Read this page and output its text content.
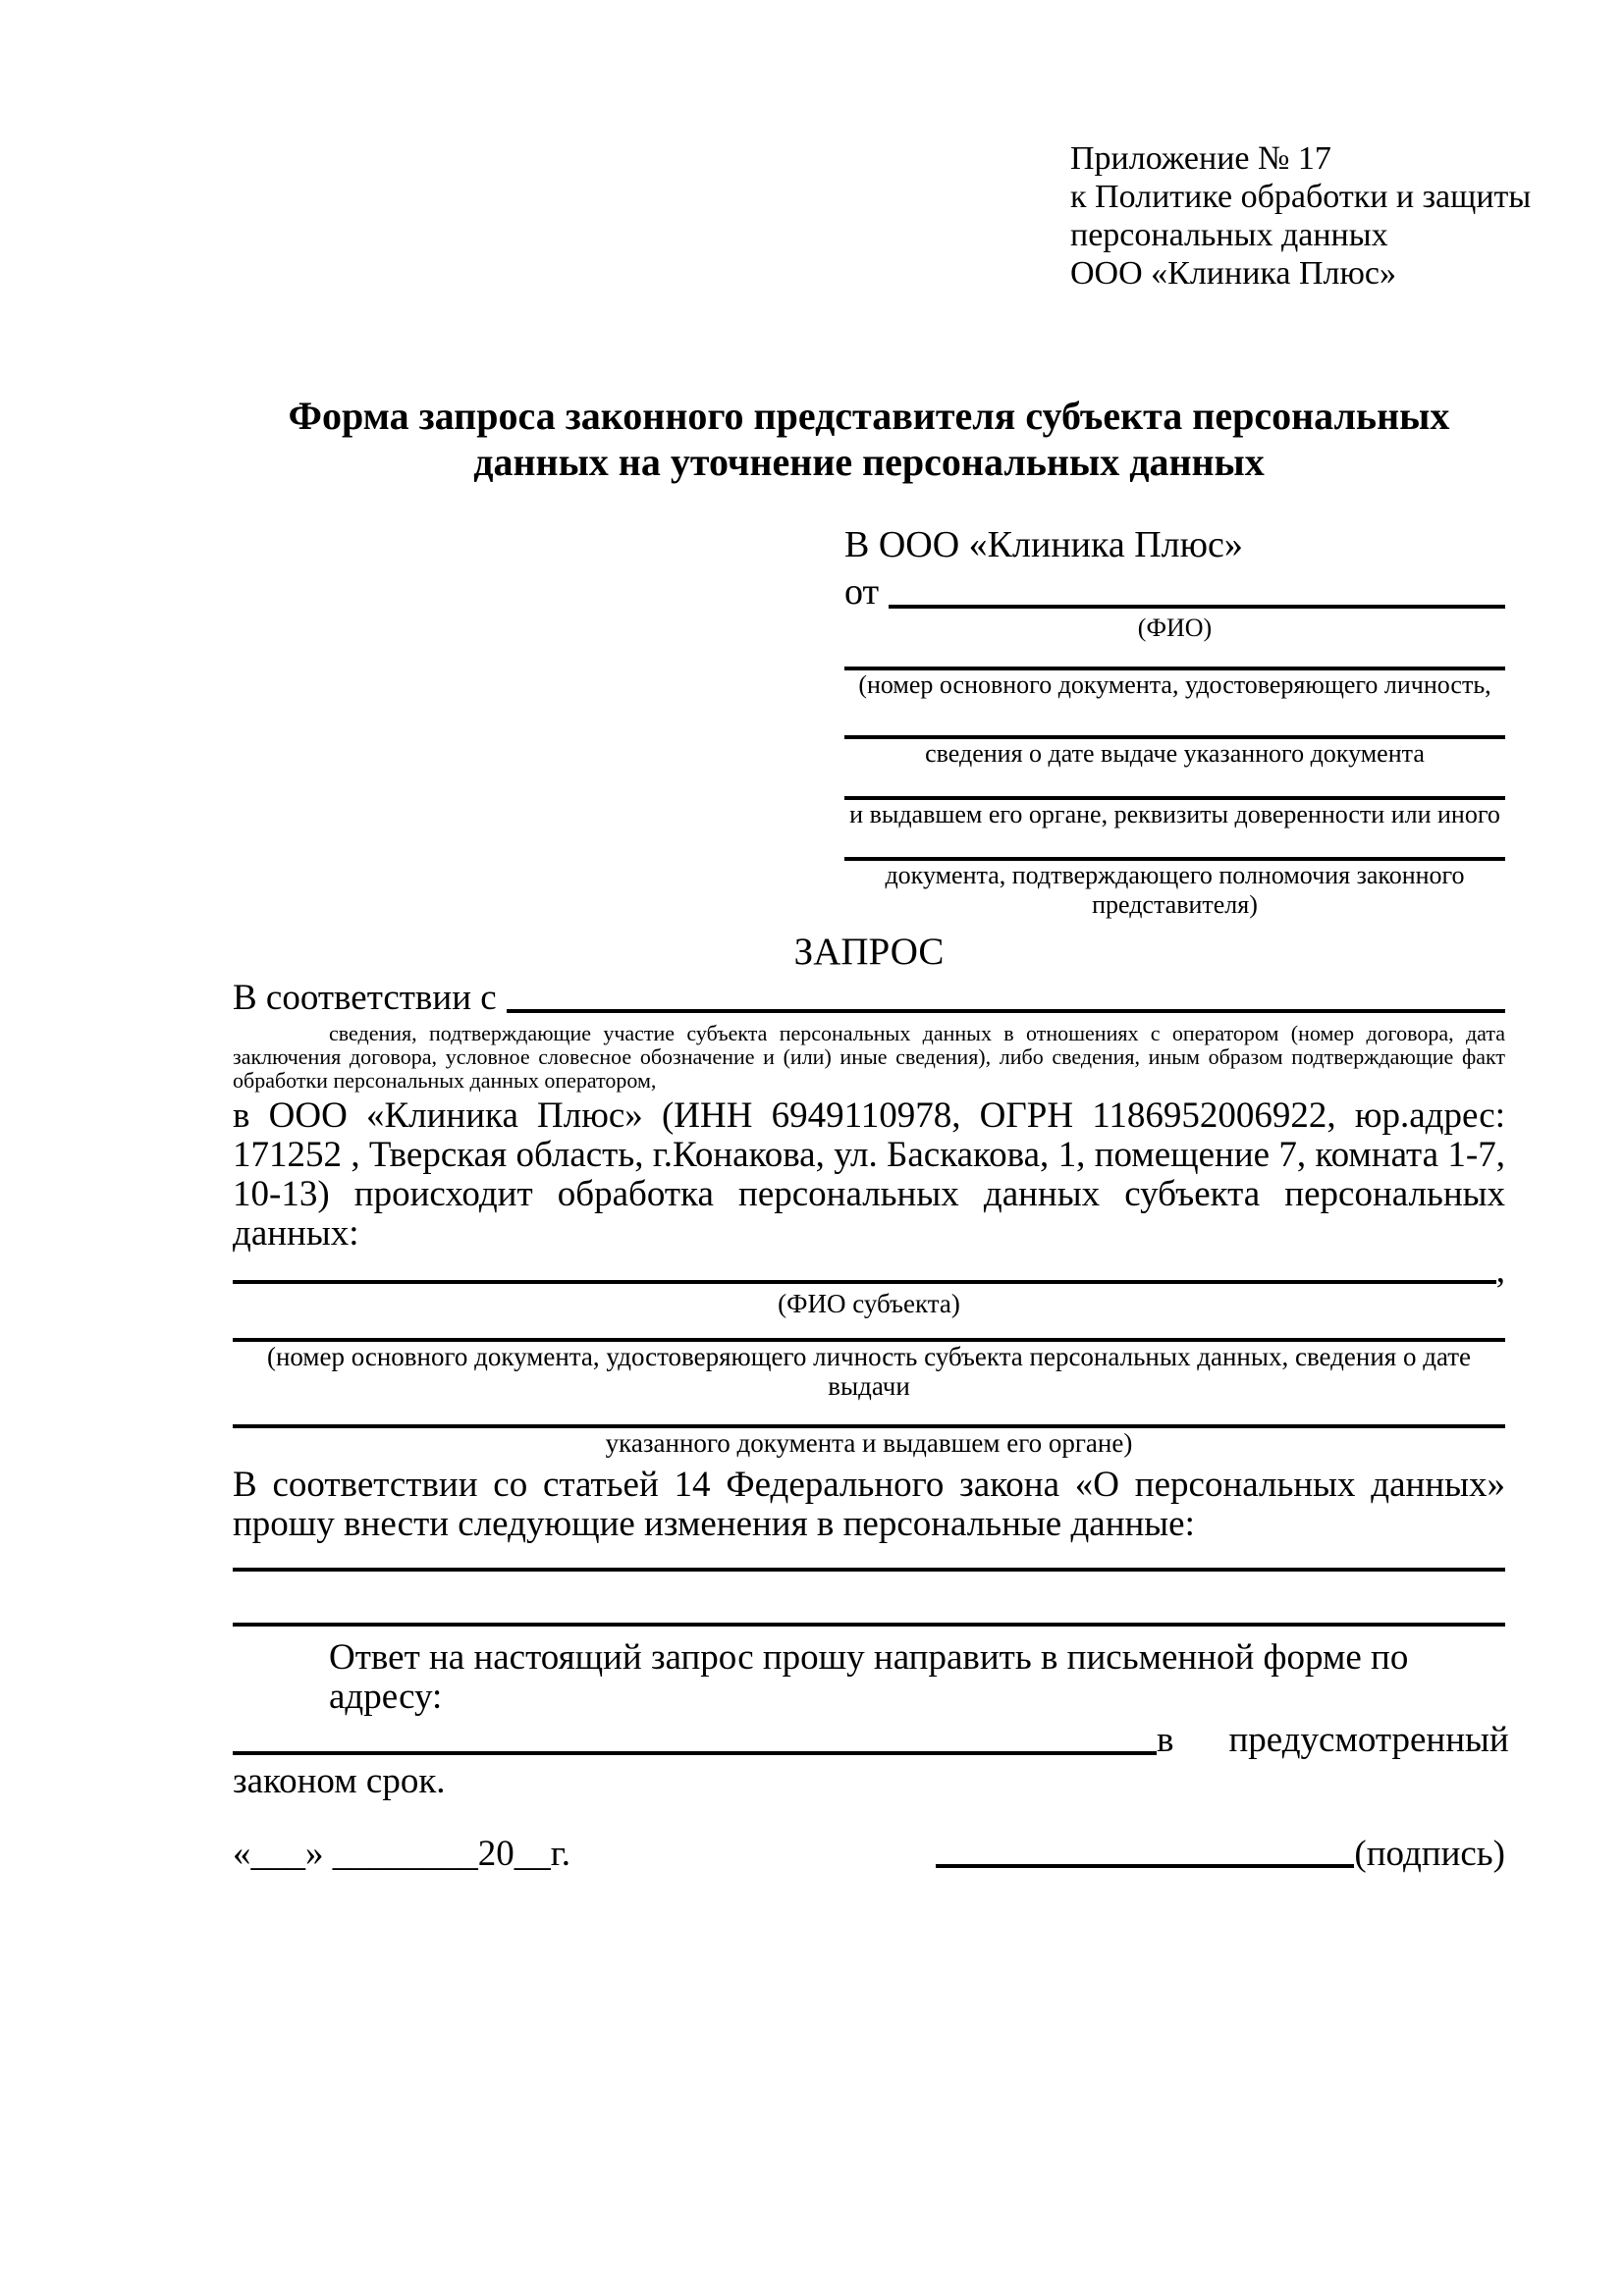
Приложение № 17
к Политике обработки и защиты
персональных данных
ООО «Клиника Плюс»
Форма запроса законного представителя субъекта персональных данных на уточнение персональных данных
В ООО «Клиника Плюс»
от
(ФИО)
(номер основного документа, удостоверяющего личность,
сведения о дате выдаче указанного документа
и выдавшем его органе, реквизиты доверенности или иного
документа, подтверждающего полномочия законного представителя)
ЗАПРОС
В соответствии с

сведения, подтверждающие участие субъекта персональных данных в отношениях с оператором (номер договора, дата заключения договора, условное словесное обозначение и (или) иные сведения), либо сведения, иным образом подтверждающие факт обработки персональных данных оператором,

в ООО «Клиника Плюс» (ИНН 6949110978, ОГРН 1186952006922, юр.адрес: 171252 , Тверская область, г.Конакова, ул. Баскакова, 1, помещение 7, комната 1-7, 10-13) происходит обработка персональных данных субъекта персональных данных:

,
(ФИО субъекта)
(номер основного документа, удостоверяющего личность субъекта персональных данных, сведения о дате выдачи
указанного документа и выдавшем его органе)

В соответствии со статьей 14 Федерального закона «О персональных данных» прошу внести следующие изменения в персональные данные:

Ответ на настоящий запрос прошу направить в письменной форме по адресу:

в предусмотренный

законом срок.

«___» ________20__г.	(подпись)
